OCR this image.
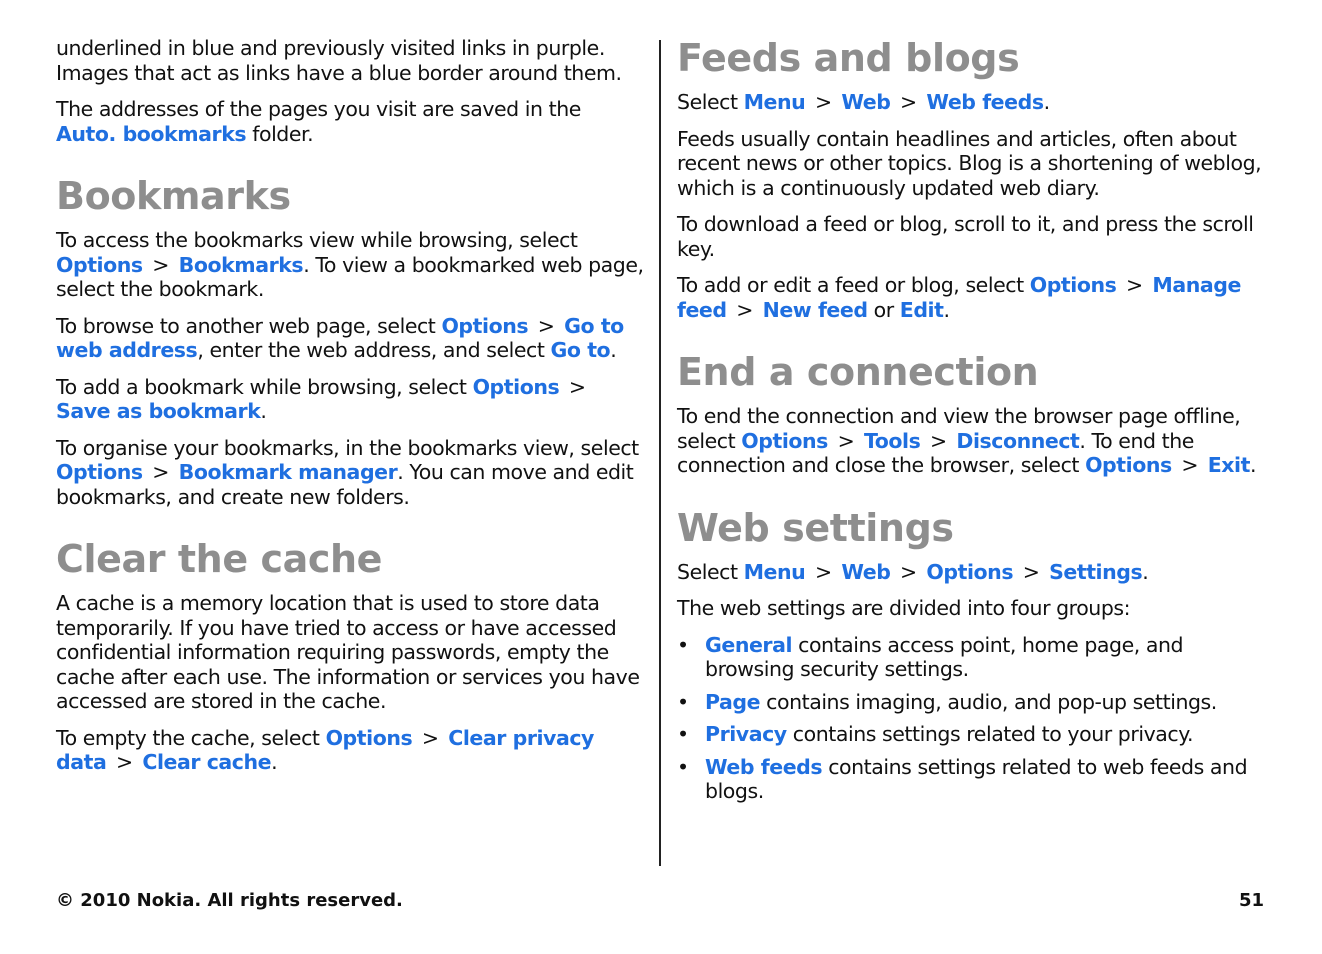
underlined in blue and previously visited links in purple. Images that act as links have a blue border around them.

The addresses of the pages you visit are saved in the Auto. bookmarks folder.

Bookmarks

To access the bookmarks view while browsing, select Options > Bookmarks. To view a bookmarked web page, select the bookmark.

To browse to another web page, select Options > Go to web address, enter the web address, and select Go to.

To add a bookmark while browsing, select Options >Save as bookmark.

To organise your bookmarks, in the bookmarks view, select Options > Bookmark manager. You can move and edit bookmarks, and create new folders.

Clear the cache

A cache is a memory location that is used to store data temporarily. If you have tried to access or have accessed confidential information requiring passwords, empty the cache after each use. The information or services you have accessed are stored in the cache.

To empty the cache, select Options > Clear privacy data > Clear cache.

Feeds and blogs

Select Menu > Web > Web feeds.

Feeds usually contain headlines and articles, often about recent news or other topics. Blog is a shortening of weblog, which is a continuously updated web diary.

To download a feed or blog, scroll to it, and press the scroll key.

To add or edit a feed or blog, select Options > Manage feed > New feed or Edit.

End a connection

To end the connection and view the browser page offline, select Options > Tools > Disconnect. To end the connection and close the browser, select Options > Exit.

Web settings

Select Menu > Web > Options > Settings.

The web settings are divided into four groups:

• General contains access point, home page, and browsing security settings.
• Page contains imaging, audio, and pop-up settings.
• Privacy contains settings related to your privacy.
• Web feeds contains settings related to web feeds and blogs.
© 2010 Nokia. All rights reserved.	51
